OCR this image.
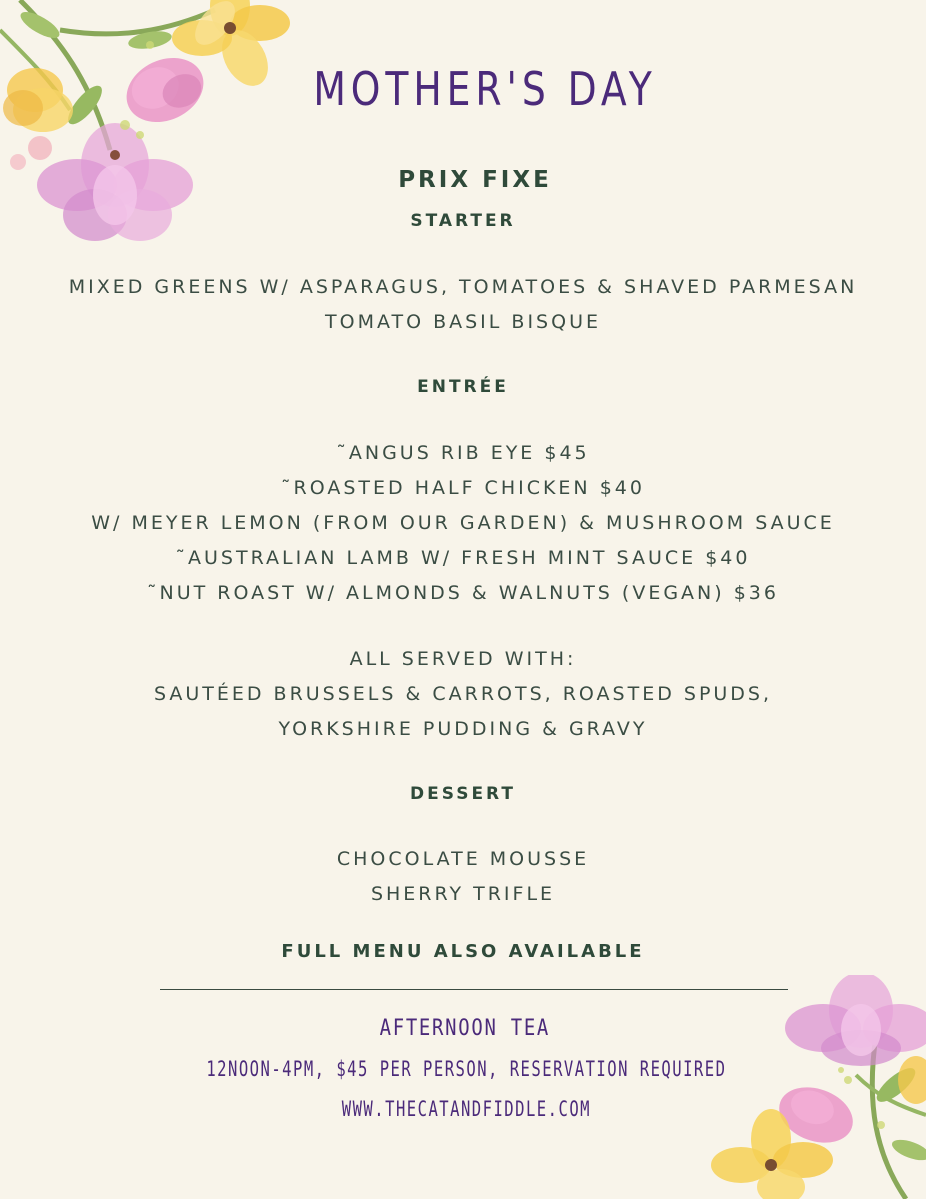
MOTHER'S DAY
PRIX FIXE
STARTER
MIXED GREENS W/ ASPARAGUS, TOMATOES & SHAVED PARMESAN
TOMATO BASIL BISQUE
ENTRÉE
˜ANGUS RIB EYE $45
˜ROASTED HALF CHICKEN $40
W/ MEYER LEMON (FROM OUR GARDEN) & MUSHROOM SAUCE
˜AUSTRALIAN LAMB W/ FRESH MINT SAUCE $40
˜NUT ROAST W/ ALMONDS & WALNUTS (VEGAN) $36
ALL SERVED WITH:
SAUTÉED BRUSSELS & CARROTS, ROASTED SPUDS,
YORKSHIRE PUDDING & GRAVY
DESSERT
CHOCOLATE MOUSSE
SHERRY TRIFLE
FULL MENU ALSO AVAILABLE
AFTERNOON TEA
12NOON-4PM, $45 PER PERSON, RESERVATION REQUIRED
WWW.THECATANDFIDDLE.COM
